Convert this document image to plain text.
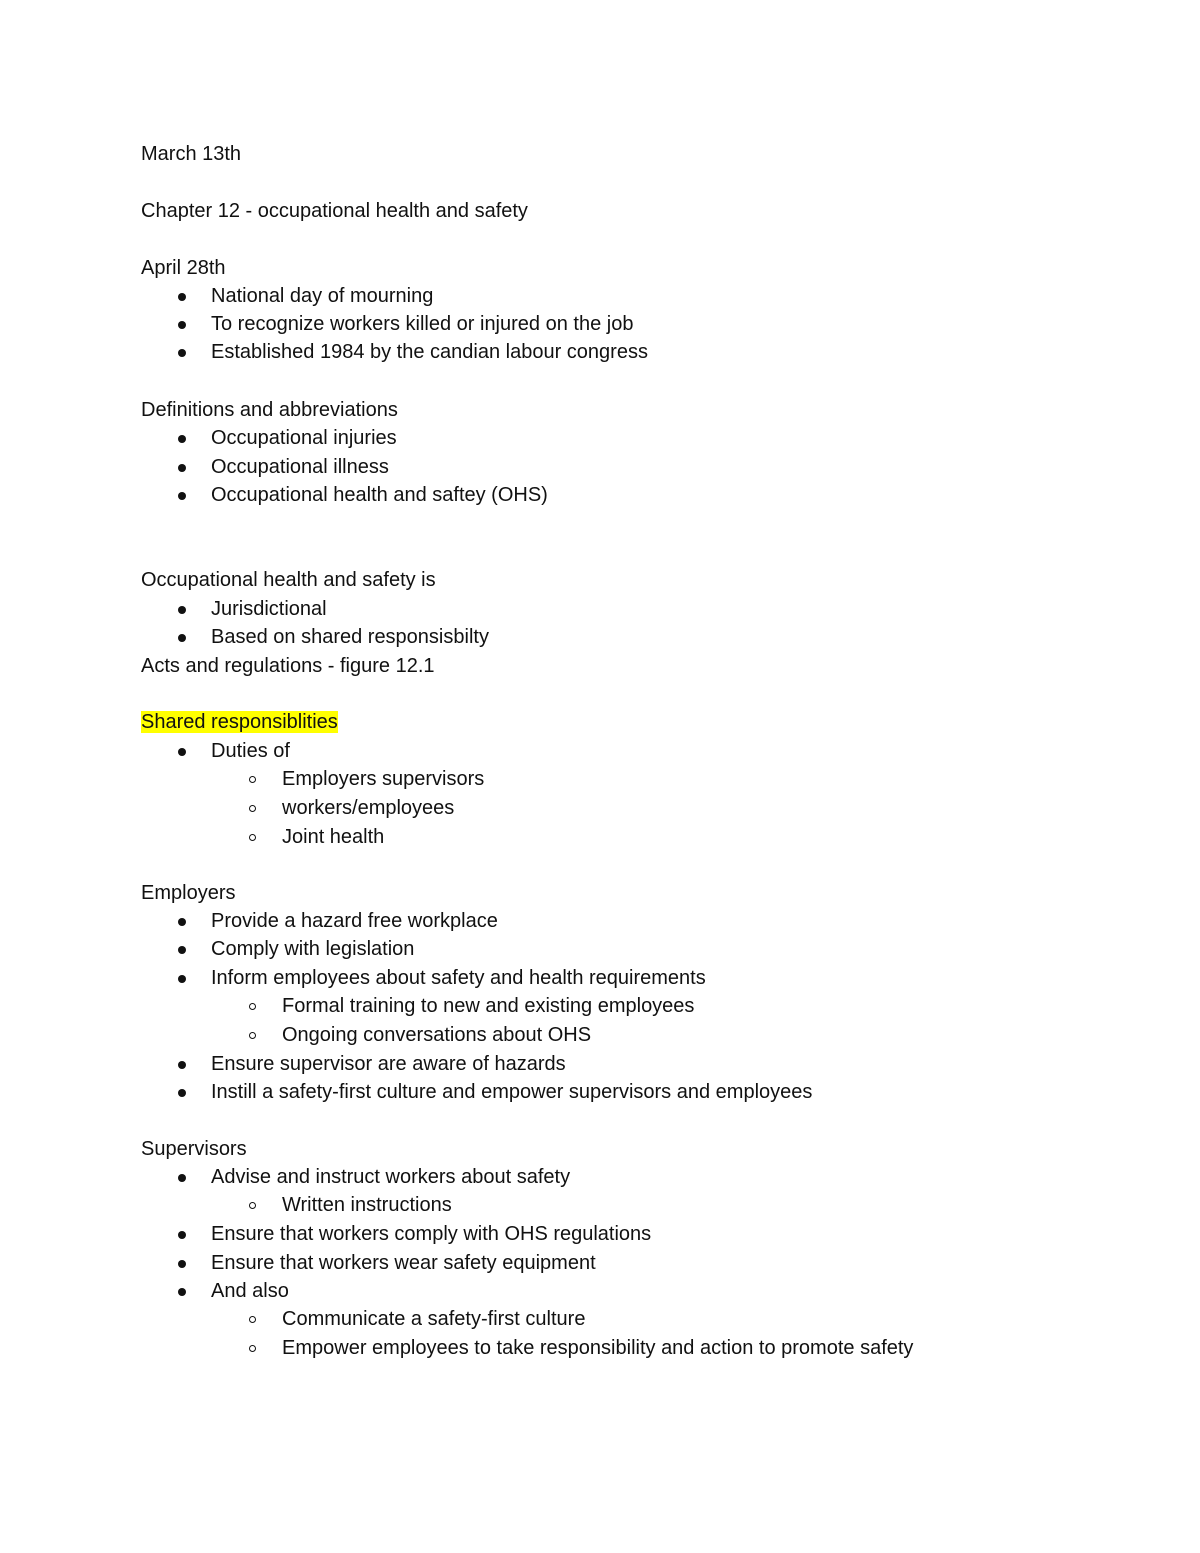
March 13th
Chapter 12 - occupational health and safety
April 28th
National day of mourning
To recognize workers killed or injured on the job
Established 1984 by the candian labour congress
Definitions and abbreviations
Occupational injuries
Occupational illness
Occupational health and saftey (OHS)
Occupational health and safety is
Jurisdictional
Based on shared responsisbilty
Acts and regulations - figure 12.1
Shared responsiblities
Duties of
Employers supervisors
workers/employees
Joint health
Employers
Provide a hazard free workplace
Comply with legislation
Inform employees about safety and health requirements
Formal training to new and existing employees
Ongoing conversations about OHS
Ensure supervisor are aware of hazards
Instill a safety-first culture and empower supervisors and employees
Supervisors
Advise and instruct workers about safety
Written instructions
Ensure that workers comply with OHS regulations
Ensure that workers wear safety equipment
And also
Communicate a safety-first culture
Empower employees to take responsibility and action to promote safety
